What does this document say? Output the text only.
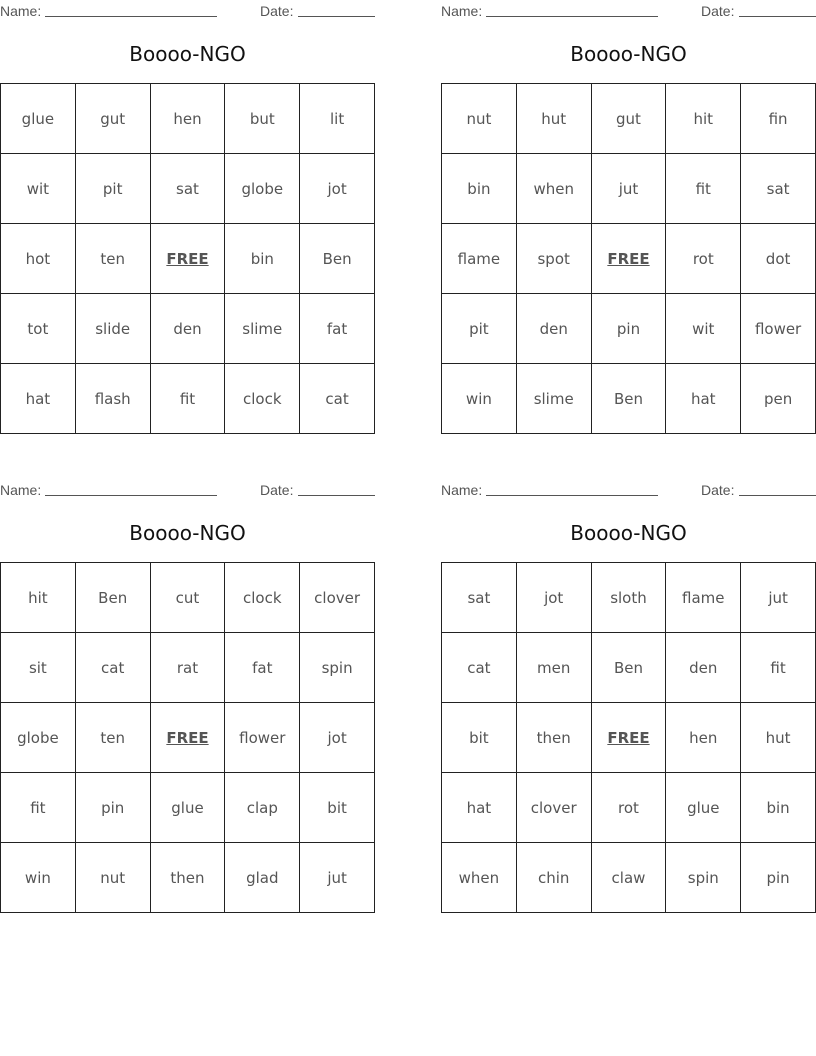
Name:	Date:
Boooo-NGO
glue	gut	hen	but	lit
wit	pit	sat	globe	jot
hot	ten	FREE	bin	Ben
tot	slide	den	slime	fat
hat	flash	fit	clock	cat
Name:	Date:
Boooo-NGO
nut	hut	gut	hit	fin
bin	when	jut	fit	sat
flame	spot	FREE	rot	dot
pit	den	pin	wit	flower
win	slime	Ben	hat	pen
Name:	Date:
Boooo-NGO
hit	Ben	cut	clock	clover
sit	cat	rat	fat	spin
globe	ten	FREE	flower	jot
fit	pin	glue	clap	bit
win	nut	then	glad	jut
Name:	Date:
Boooo-NGO
sat	jot	sloth	flame	jut
cat	men	Ben	den	fit
bit	then	FREE	hen	hut
hat	clover	rot	glue	bin
when	chin	claw	spin	pin
